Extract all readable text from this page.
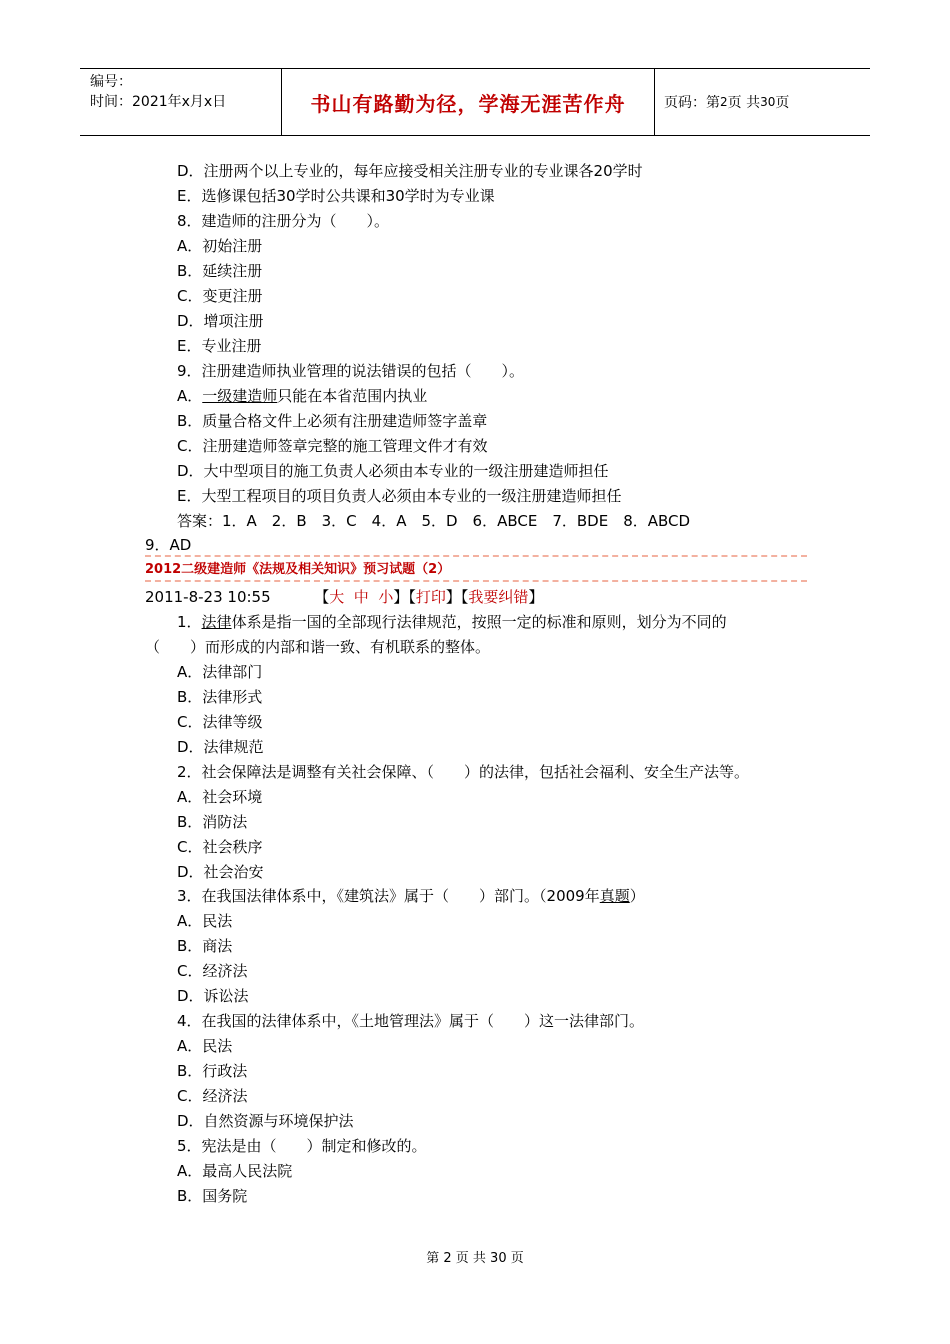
编号：
时间：2021年x月x日	书山有路勤为径，学海无涯苦作舟	页码：第 2 页 共 30 页
D．注册两个以上专业的，每年应接受相关注册专业的专业课各20学时
E．选修课包括30学时公共课和30学时为专业课
8．建造师的注册分为（　　）。
A．初始注册
B．延续注册
C．变更注册
D．增项注册
E．专业注册
9．注册建造师执业管理的说法错误的包括（　　）。
A．一级建造师只能在本省范围内执业
B．质量合格文件上必须有注册建造师签字盖章
C．注册建造师签章完整的施工管理文件才有效
D．大中型项目的施工负责人必须由本专业的一级注册建造师担任
E．大型工程项目的项目负责人必须由本专业的一级注册建造师担任
答案：1．A　2．B　3．C　4．A　5．D　6．ABCE　7．BDE　8．ABCD
9．AD
2012二级建造师《法规及相关知识》预习试题（2）
2011-8-23 10:55	【大 中 小】【打印】【我要纠错】
1．法律体系是指一国的全部现行法律规范，按照一定的标准和原则，划分为不同的
（　　）而形成的内部和谐一致、有机联系的整体。
A．法律部门
B．法律形式
C．法律等级
D．法律规范
2．社会保障法是调整有关社会保障、（　　）的法律，包括社会福利、安全生产法等。
A．社会环境
B．消防法
C．社会秩序
D．社会治安
3．在我国法律体系中，《建筑法》属于（　　）部门。（2009年真题）
A．民法
B．商法
C．经济法
D．诉讼法
4．在我国的法律体系中，《土地管理法》属于（　　）这一法律部门。
A．民法
B．行政法
C．经济法
D．自然资源与环境保护法
5．宪法是由（　　）制定和修改的。
A．最高人民法院
B．国务院
第 2 页 共 30 页
